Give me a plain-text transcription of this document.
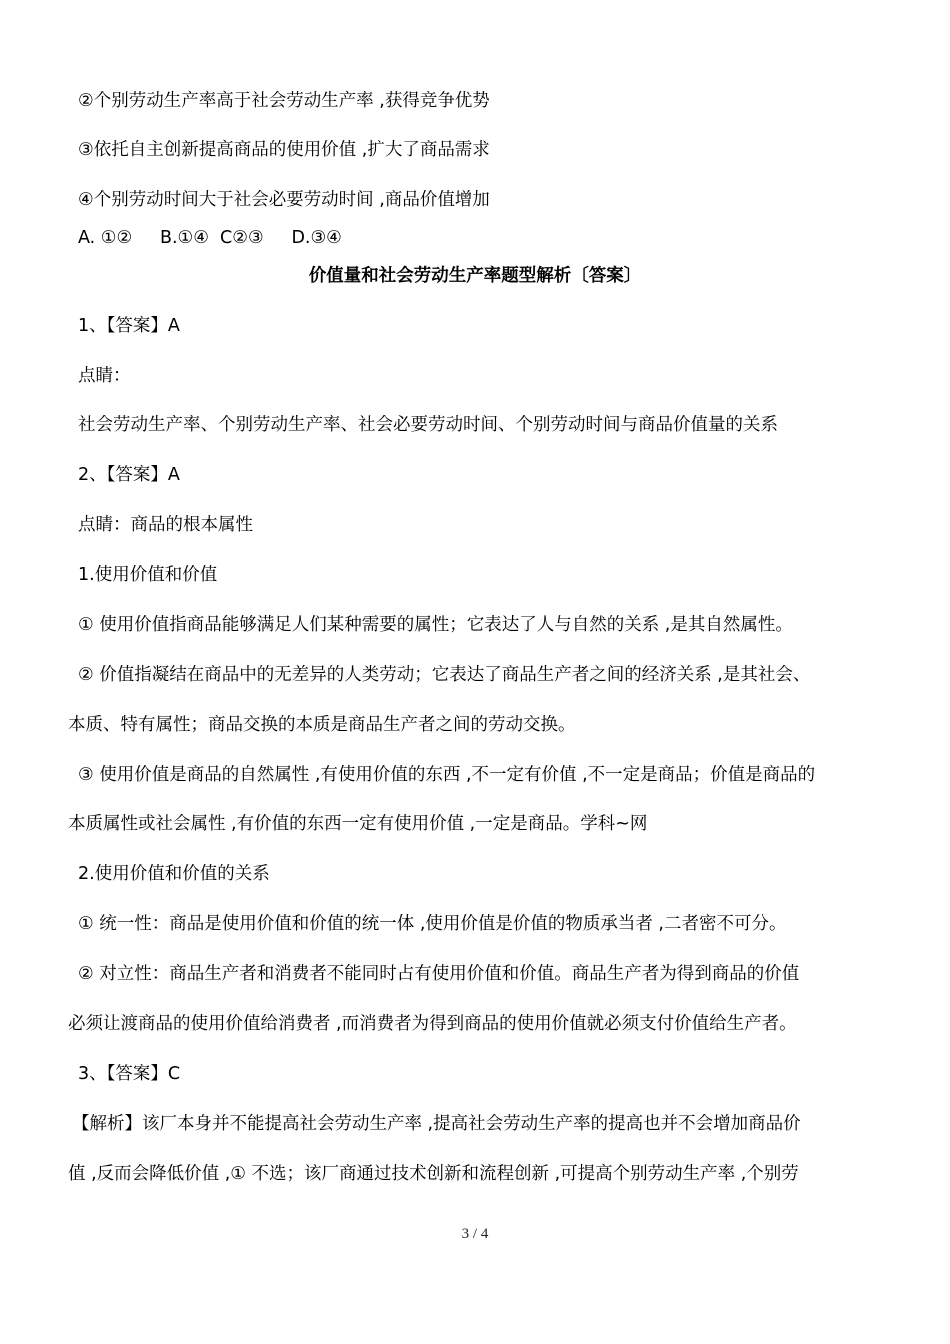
②个别劳动生产率高于社会劳动生产率 ,获得竞争优势
③依托自主创新提高商品的使用价值 ,扩大了商品需求
④个别劳动时间大于社会必要劳动时间 ,商品价值增加
A. ①②     B.①④  C②③     D.③④
价值量和社会劳动生产率题型解析〔答案〕
1、【答案】A
点睛：
社会劳动生产率、个别劳动生产率、社会必要劳动时间、个别劳动时间与商品价值量的关系
2、【答案】A
点睛：商品的根本属性
1.使用价值和价值
① 使用价值指商品能够满足人们某种需要的属性；它表达了人与自然的关系 ,是其自然属性。
② 价值指凝结在商品中的无差异的人类劳动；它表达了商品生产者之间的经济关系 ,是其社会、
本质、特有属性；商品交换的本质是商品生产者之间的劳动交换。
③ 使用价值是商品的自然属性 ,有使用价值的东西 ,不一定有价值 ,不一定是商品；价值是商品的
本质属性或社会属性 ,有价值的东西一定有使用价值 ,一定是商品。学科~网
2.使用价值和价值的关系
① 统一性：商品是使用价值和价值的统一体 ,使用价值是价值的物质承当者 ,二者密不可分。
② 对立性：商品生产者和消费者不能同时占有使用价值和价值。商品生产者为得到商品的价值
必须让渡商品的使用价值给消费者 ,而消费者为得到商品的使用价值就必须支付价值给生产者。
3、【答案】C
【解析】该厂本身并不能提高社会劳动生产率 ,提高社会劳动生产率的提高也并不会增加商品价
值 ,反而会降低价值 ,① 不选；该厂商通过技术创新和流程创新 ,可提高个别劳动生产率 ,个别劳
3 / 4
